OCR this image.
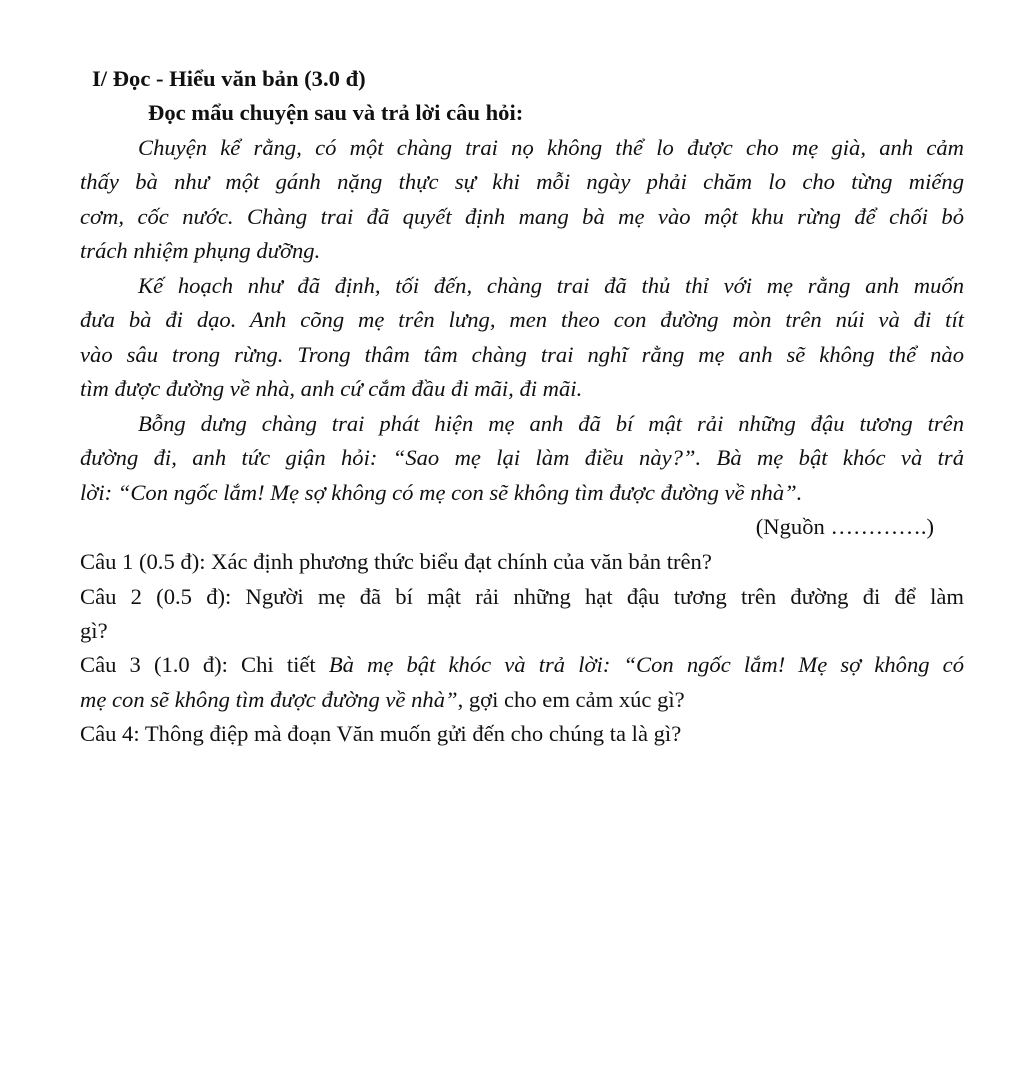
I/ Đọc - Hiểu văn bản (3.0 đ)
Đọc mẩu chuyện sau và trả lời câu hỏi:
Chuyện kể rằng, có một chàng trai nọ không thể lo được cho mẹ già, anh cảm
thấy bà như một gánh nặng thực sự khi mỗi ngày phải chăm lo cho từng miếng
cơm, cốc nước. Chàng trai đã quyết định mang bà mẹ vào một khu rừng để chối bỏ
trách nhiệm phụng dưỡng.
Kế hoạch như đã định, tối đến, chàng trai đã thủ thỉ với mẹ rằng anh muốn
đưa bà đi dạo. Anh cõng mẹ trên lưng, men theo con đường mòn trên núi và đi tít
vào sâu trong rừng. Trong thâm tâm chàng trai nghĩ rằng mẹ anh sẽ không thể nào
tìm được đường về nhà, anh cứ cắm đầu đi mãi, đi mãi.
Bỗng dưng chàng trai phát hiện mẹ anh đã bí mật rải những đậu tương trên
đường đi, anh tức giận hỏi: “Sao mẹ lại làm điều này?”. Bà mẹ bật khóc và trả
lời: “Con ngốc lắm! Mẹ sợ không có mẹ con sẽ không tìm được đường về nhà”.
(Nguồn ………….)
Câu 1 (0.5 đ): Xác định phương thức biểu đạt chính của văn bản trên?
Câu 2 (0.5 đ): Người mẹ đã bí mật rải những hạt đậu tương trên đường đi để làm
gì?
Câu 3 (1.0 đ): Chi tiết Bà mẹ bật khóc và trả lời: “Con ngốc lắm! Mẹ sợ không có
mẹ con sẽ không tìm được đường về nhà”, gợi cho em cảm xúc gì?
Câu 4: Thông điệp mà đoạn Văn muốn gửi đến cho chúng ta là gì?
